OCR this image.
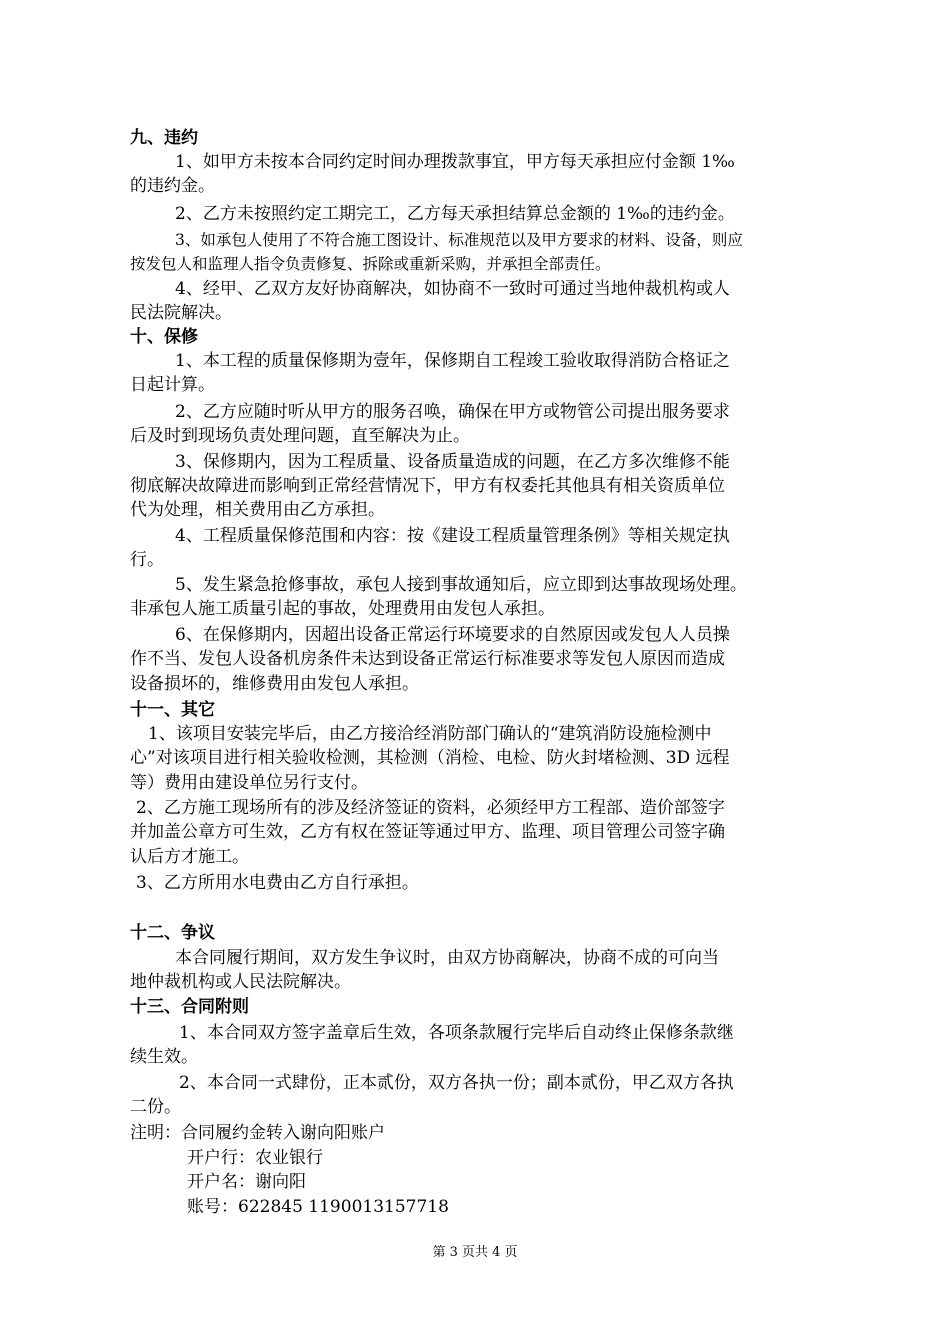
九、违约

1、如甲方未按本合同约定时间办理拨款事宜，甲方每天承担应付金额 1‰

的违约金。

2、乙方未按照约定工期完工，乙方每天承担结算总金额的 1‰的违约金。

3、如承包人使用了不符合施工图设计、标准规范以及甲方要求的材料、设备，则应

按发包人和监理人指令负责修复、拆除或重新采购，并承担全部责任。

4、经甲、乙双方友好协商解决，如协商不一致时可通过当地仲裁机构或人

民法院解决。

十、保修

1、本工程的质量保修期为壹年，保修期自工程竣工验收取得消防合格证之

日起计算。

2、乙方应随时听从甲方的服务召唤，确保在甲方或物管公司提出服务要求

后及时到现场负责处理问题，直至解决为止。

3、保修期内，因为工程质量、设备质量造成的问题，在乙方多次维修不能

彻底解决故障进而影响到正常经营情况下，甲方有权委托其他具有相关资质单位

代为处理，相关费用由乙方承担。

4、工程质量保修范围和内容：按《建设工程质量管理条例》等相关规定执

行。

5、发生紧急抢修事故，承包人接到事故通知后，应立即到达事故现场处理。

非承包人施工质量引起的事故，处理费用由发包人承担。

6、在保修期内，因超出设备正常运行环境要求的自然原因或发包人人员操

作不当、发包人设备机房条件未达到设备正常运行标准要求等发包人原因而造成

设备损坏的，维修费用由发包人承担。

十一、其它

1、该项目安装完毕后，由乙方接洽经消防部门确认的“建筑消防设施检测中

心”对该项目进行相关验收检测，其检测（消检、电检、防火封堵检测、3D 远程

等）费用由建设单位另行支付。

2、乙方施工现场所有的涉及经济签证的资料，必须经甲方工程部、造价部签字

并加盖公章方可生效，乙方有权在签证等通过甲方、监理、项目管理公司签字确

认后方才施工。

3、乙方所用水电费由乙方自行承担。

十二、争议

本合同履行期间，双方发生争议时，由双方协商解决，协商不成的可向当

地仲裁机构或人民法院解决。

十三、合同附则

1、本合同双方签字盖章后生效，各项条款履行完毕后自动终止保修条款继

续生效。

2、本合同一式肆份，正本贰份，双方各执一份；副本贰份，甲乙双方各执

二份。

注明：合同履约金转入谢向阳账户

开户行：农业银行

开户名：谢向阳

账号：622845 1190013157718

第 3 页共 4 页
